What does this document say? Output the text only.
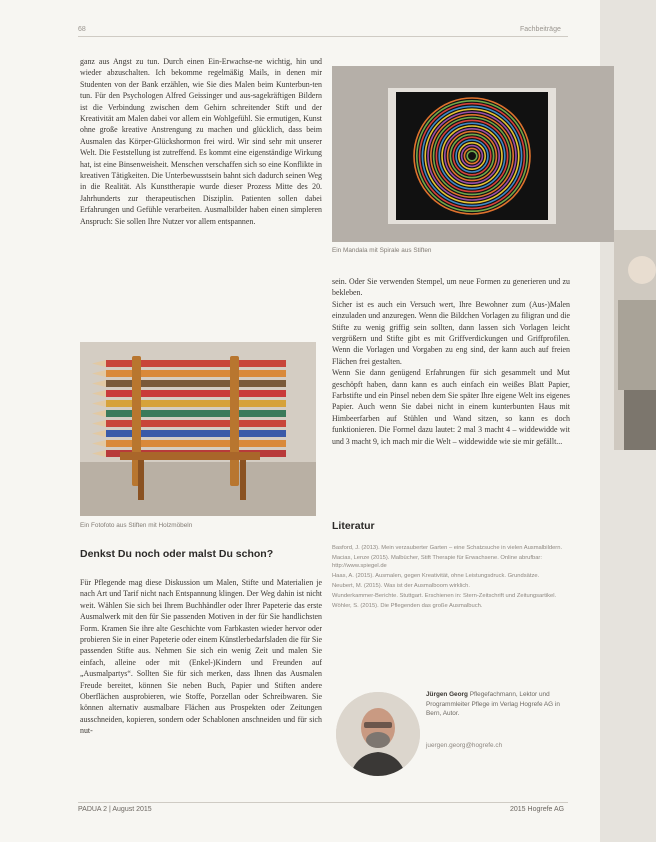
68	Fachbeiträge

ganz aus Angst zu tun. Durch einen Ein-Erwachse-ne wichtig, hin und wieder abzuschalten. Ich bekomme regelmäßig Mails, in denen mir Studenten von der Bank erzählen, wie Sie dies Malen beim Kunterbun-ten tun. Für den Psychologen Alfred Geissinger und aus-sagekräftigen Bildern ist die Verbindung zwischen dem Gehirn schreitender Stift und der Kreativität am Malen dabei vor allem ein Wohlgefühl. Sie ermutigen, Kunst ohne große kreative Anstrengung zu machen und glücklich, dass beim Ausmalen das Körper-Glückshormon frei wird. Wir sind sehr mit unserer Welt. Die Feststellung ist zutreffend. Es kommt eine eigenständige Wirkung hat, ist eine Binsenweisheit. Menschen verschaffen sich so eine Konflikte in kreativen Tätigkeiten. Die Unterbewusstsein bahnt sich dadurch seinen Weg in die Realität. Als Kunsttherapie wurde dieser Prozess Mitte des 20. Jahrhunderts zur therapeutischen Disziplin. Patienten sollen dabei Erfahrungen und Gefühle verarbeiten. Ausmalbilder haben einen simpleren Anspruch: Sie sollen Ihre Nutzer vor allem entspannen.

Ein Mandala mit Spirale aus Stiften

sein. Oder Sie verwenden Stempel, um neue Formen zu generieren und zu bekleben.

Sicher ist es auch ein Versuch wert, Ihre Bewohner zum (Aus-)Malen einzuladen und anzuregen. Wenn die Bildchen Vorlagen zu filigran und die Stifte zu wenig griffig sein sollten, dann lassen sich Vorlagen leicht vergrößern und Stifte gibt es mit Griffverdickungen und Griffprofilen. Wenn die Vorlagen und Vorgaben zu eng sind, der kann auch auf freien Flächen frei gestalten.

Wenn Sie dann genügend Erfahrungen für sich gesammelt und Mut geschöpft haben, dann kann es auch einfach ein weißes Blatt Papier, Farbstifte und ein Pinsel neben dem Sie später Ihre eigene Welt ins eigenes Papier. Auch wenn Sie dabei nicht in einem kunterbunten Haus mit Himbeerfarben auf Stühlen und Wand sitzen, so kann es doch funktionieren. Die Formel dazu lautet: 2 mal 3 macht 4 – widdewidde wit und 3 macht 9, ich mach mir die Welt – widdewidde wie sie mir gefällt...

Ein Fotofoto aus Stiften mit Holzmöbeln
Denkst Du noch oder malst Du schon?

Für Pflegende mag diese Diskussion um Malen, Stifte und Materialien je nach Art und Tarif nicht nach Entspannung klingen. Der Weg dahin ist nicht weit. Wählen Sie sich bei Ihrem Buchhändler oder Ihrer Papeterie das erste Ausmalwerk mit den für Sie passenden Motiven in der für Sie handlichsten Form. Kramen Sie ihre alte Geschichte vom Farbkasten wieder hervor oder probieren Sie in einer Papeterie oder einem Künstlerbedarfsladen die für Sie passenden Stifte aus. Nehmen Sie sich ein wenig Zeit und malen Sie einfach, alleine oder mit (Enkel-)Kindern und Freunden auf „Ausmalpartys“. Sollten Sie für sich merken, dass Ihnen das Ausmalen Freude bereitet, können Sie neben Buch, Papier und Stiften andere Oberflächen ausprobieren, wie Stoffe, Porzellan oder Schreibwaren. Sie können alternativ ausmalbare Flächen aus Prospekten oder Zeitungen ausschneiden, kopieren, sondern oder Schablonen anschneiden und für sich nut-

Literatur
Basford, J. (2013). Mein verzauberter Garten – eine Schatzsuche in vielen Ausmalbildern.
Macias, Lenze (2015). Malbücher, Stift Therapie für Erwachsene. Online abrufbar: http://www.spiegel.de
Haas, A. (2015). Ausmalen, gegen Kreativität, ohne Leistungsdruck. Grundsätze.
Neubert, M. (2015). Was ist der Ausmalboom wirklich.
Wunderkammer-Berichte. Stuttgart. Erschienen in: Stern-Zeitschrift und Zeitungsartikel.
Wöhler, S. (2015). Die Pflegenden das große Ausmalbuch.
Jürgen Georg Pflegefachmann, Lektor und Programmleiter Pflege im Verlag Hogrefe AG in Bern, Autor.
juergen.georg@hogrefe.ch
PADUA 2 | August 2015	2015 Hogrefe AG
